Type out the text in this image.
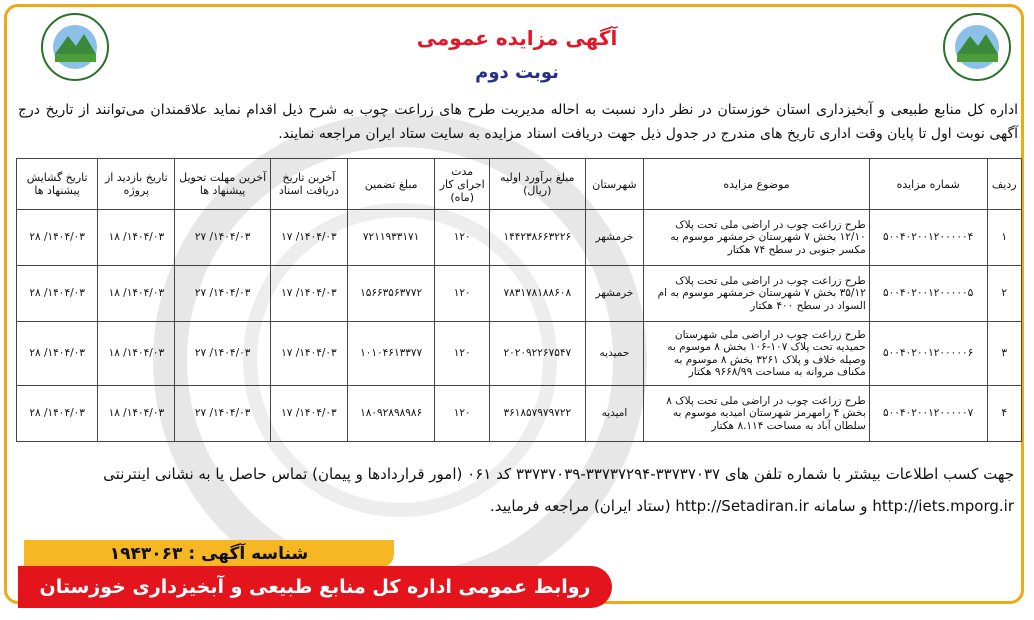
آگهی مزایده عمومی
نوبت دوم
اداره کل منابع طبیعی و آبخیزداری استان خوزستان در نظر دارد نسبت به احاله مدیریت طرح های زراعت چوب به شرح ذیل اقدام نماید علاقمندان می‌توانند از تاریخ درج آگهی نوبت اول تا پایان وقت اداری تاریخ های مندرج در جدول ذیل جهت دریافت اسناد مزایده به سایت ستاد ایران مراجعه نمایند.
ردیف	شماره مزایده	موضوع مزایده	شهرستان	مبلغ برآورد اولیه (ریال)	مدت اجرای کار (ماه)	مبلغ تضمین	آخرین تاریخ دریافت اسناد	آخرین مهلت تحویل پیشنهاد ها	تاریخ بازدید از پروژه	تاریخ گشایش پیشنهاد ها
۱	۵۰۰۴۰۲۰۰۱۲۰۰۰۰۰۴	طرح زراعت چوب در اراضی ملی تحت پلاک ۱۲/۱۰ بخش ۷ شهرستان خرمشهر موسوم به مکسر جنوبی در سطح ۷۴ هکتار	خرمشهر	۱۴۴۲۳۸۶۶۳۲۲۶	۱۲۰	۷۲۱۱۹۳۳۱۷۱	۱۴۰۴/۰۳/ ۱۷	۱۴۰۴/۰۳/ ۲۷	۱۴۰۴/۰۳/ ۱۸	۱۴۰۴/۰۳/ ۲۸
۲	۵۰۰۴۰۲۰۰۱۲۰۰۰۰۰۵	طرح زراعت چوب در اراضی ملی تحت پلاک ۳۵/۱۲ بخش ۷ شهرستان خرمشهر موسوم به ام السواد در سطح ۴۰۰ هکتار	خرمشهر	۷۸۳۱۷۸۱۸۸۶۰۸	۱۲۰	۱۵۶۶۳۵۶۳۷۷۲	۱۴۰۴/۰۳/ ۱۷	۱۴۰۴/۰۳/ ۲۷	۱۴۰۴/۰۳/ ۱۸	۱۴۰۴/۰۳/ ۲۸
۳	۵۰۰۴۰۲۰۰۱۲۰۰۰۰۰۶	طرح زراعت چوب در اراضی ملی شهرستان حمیدیه تحت پلاک ۱۰۷-۱۰۶ بخش ۸ موسوم به وصیله خلاف و پلاک ۳۲۶۱ بخش ۸ موسوم به مکناف مروانه به مساحت ۹۶۶۸/۹۹ هکتار	حمیدیه	۲۰۲۰۹۲۲۶۷۵۴۷	۱۲۰	۱۰۱۰۴۶۱۳۳۷۷	۱۴۰۴/۰۳/ ۱۷	۱۴۰۴/۰۳/ ۲۷	۱۴۰۴/۰۳/ ۱۸	۱۴۰۴/۰۳/ ۲۸
۴	۵۰۰۴۰۲۰۰۱۲۰۰۰۰۰۷	طرح زراعت چوب در اراضی ملی تحت پلاک ۸ بخش ۴ رامهرمز شهرستان امیدیه موسوم به سلطان آباد به مساحت ۸.۱۱۴ هکتار	امیدیه	۳۶۱۸۵۷۹۷۹۷۲۲	۱۲۰	۱۸۰۹۲۸۹۸۹۸۶	۱۴۰۴/۰۳/ ۱۷	۱۴۰۴/۰۳/ ۲۷	۱۴۰۴/۰۳/ ۱۸	۱۴۰۴/۰۳/ ۲۸
جهت کسب اطلاعات بیشتر با شماره تلفن های ۳۳۷۳۷۰۳۷-۳۳۷۳۷۲۹۴-۳۳۷۳۷۰۳۹ کد ۰۶۱ (امور قراردادها و پیمان) تماس حاصل یا به نشانی اینترنتی http://iets.mporg.ir و سامانه http://Setadiran.ir (ستاد ایران) مراجعه فرمایید.
شناسه آگهی : ۱۹۴۳۰۶۳
روابط عمومی اداره کل منابع طبیعی و آبخیزداری خوزستان
